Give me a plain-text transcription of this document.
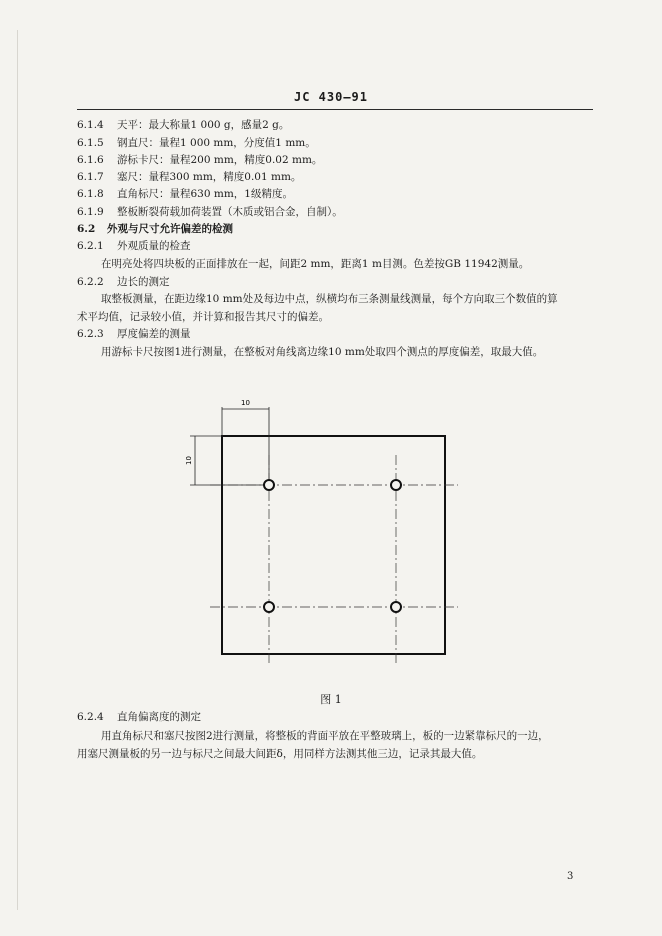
JC 430—91
6.1.4 天平：最大称量1 000 g，感量2 g。
6.1.5 钢直尺：量程1 000 mm，分度值1 mm。
6.1.6 游标卡尺：量程200 mm，精度0.02 mm。
6.1.7 塞尺：量程300 mm，精度0.01 mm。
6.1.8 直角标尺：量程630 mm，1级精度。
6.1.9 整板断裂荷载加荷装置（木质或铝合金，自制）。
6.2 外观与尺寸允许偏差的检测
6.2.1 外观质量的检查
在明亮处将四块板的正面排放在一起，间距2 mm，距离1 m目测。色差按GB 11942测量。
6.2.2 边长的测定
取整板测量，在距边缘10 mm处及每边中点，纵横均布三条测量线测量，每个方向取三个数值的算
术平均值，记录较小值，并计算和报告其尺寸的偏差。
6.2.3 厚度偏差的测量
用游标卡尺按图1进行测量，在整板对角线离边缘10 mm处取四个测点的厚度偏差，取最大值。
10
10
图 1
6.2.4 直角偏离度的测定
用直角标尺和塞尺按图2进行测量，将整板的背面平放在平整玻璃上，板的一边紧靠标尺的一边，
用塞尺测量板的另一边与标尺之间最大间距δ，用同样方法测其他三边，记录其最大值。
3
